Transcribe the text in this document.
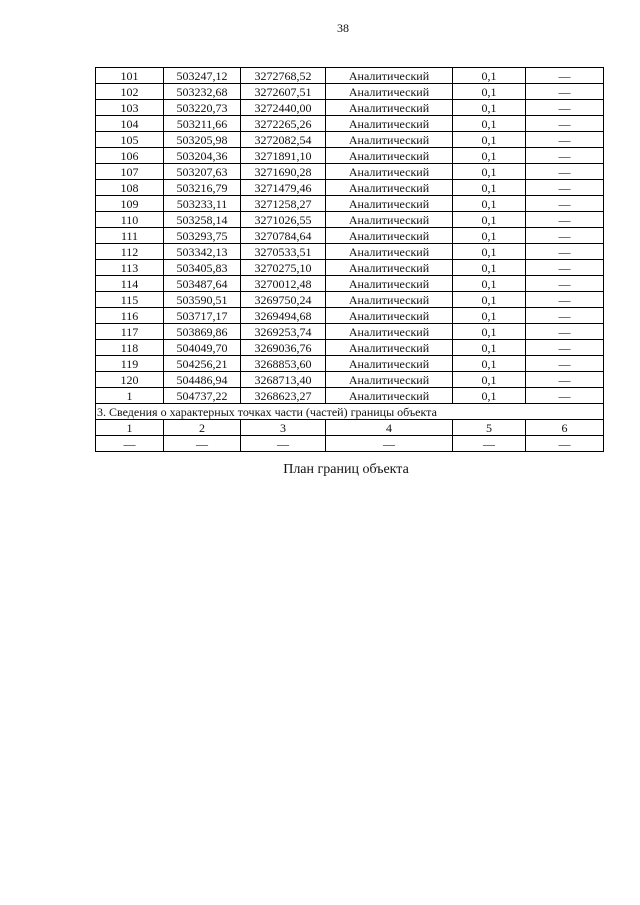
38
101	503247,12	3272768,52	Аналитический	0,1	—
102	503232,68	3272607,51	Аналитический	0,1	—
103	503220,73	3272440,00	Аналитический	0,1	—
104	503211,66	3272265,26	Аналитический	0,1	—
105	503205,98	3272082,54	Аналитический	0,1	—
106	503204,36	3271891,10	Аналитический	0,1	—
107	503207,63	3271690,28	Аналитический	0,1	—
108	503216,79	3271479,46	Аналитический	0,1	—
109	503233,11	3271258,27	Аналитический	0,1	—
110	503258,14	3271026,55	Аналитический	0,1	—
111	503293,75	3270784,64	Аналитический	0,1	—
112	503342,13	3270533,51	Аналитический	0,1	—
113	503405,83	3270275,10	Аналитический	0,1	—
114	503487,64	3270012,48	Аналитический	0,1	—
115	503590,51	3269750,24	Аналитический	0,1	—
116	503717,17	3269494,68	Аналитический	0,1	—
117	503869,86	3269253,74	Аналитический	0,1	—
118	504049,70	3269036,76	Аналитический	0,1	—
119	504256,21	3268853,60	Аналитический	0,1	—
120	504486,94	3268713,40	Аналитический	0,1	—
1	504737,22	3268623,27	Аналитический	0,1	—
3. Сведения о характерных точках части (частей) границы объекта					
1	2	3	4	5	6
—	—	—	—	—	—
План границ объекта
